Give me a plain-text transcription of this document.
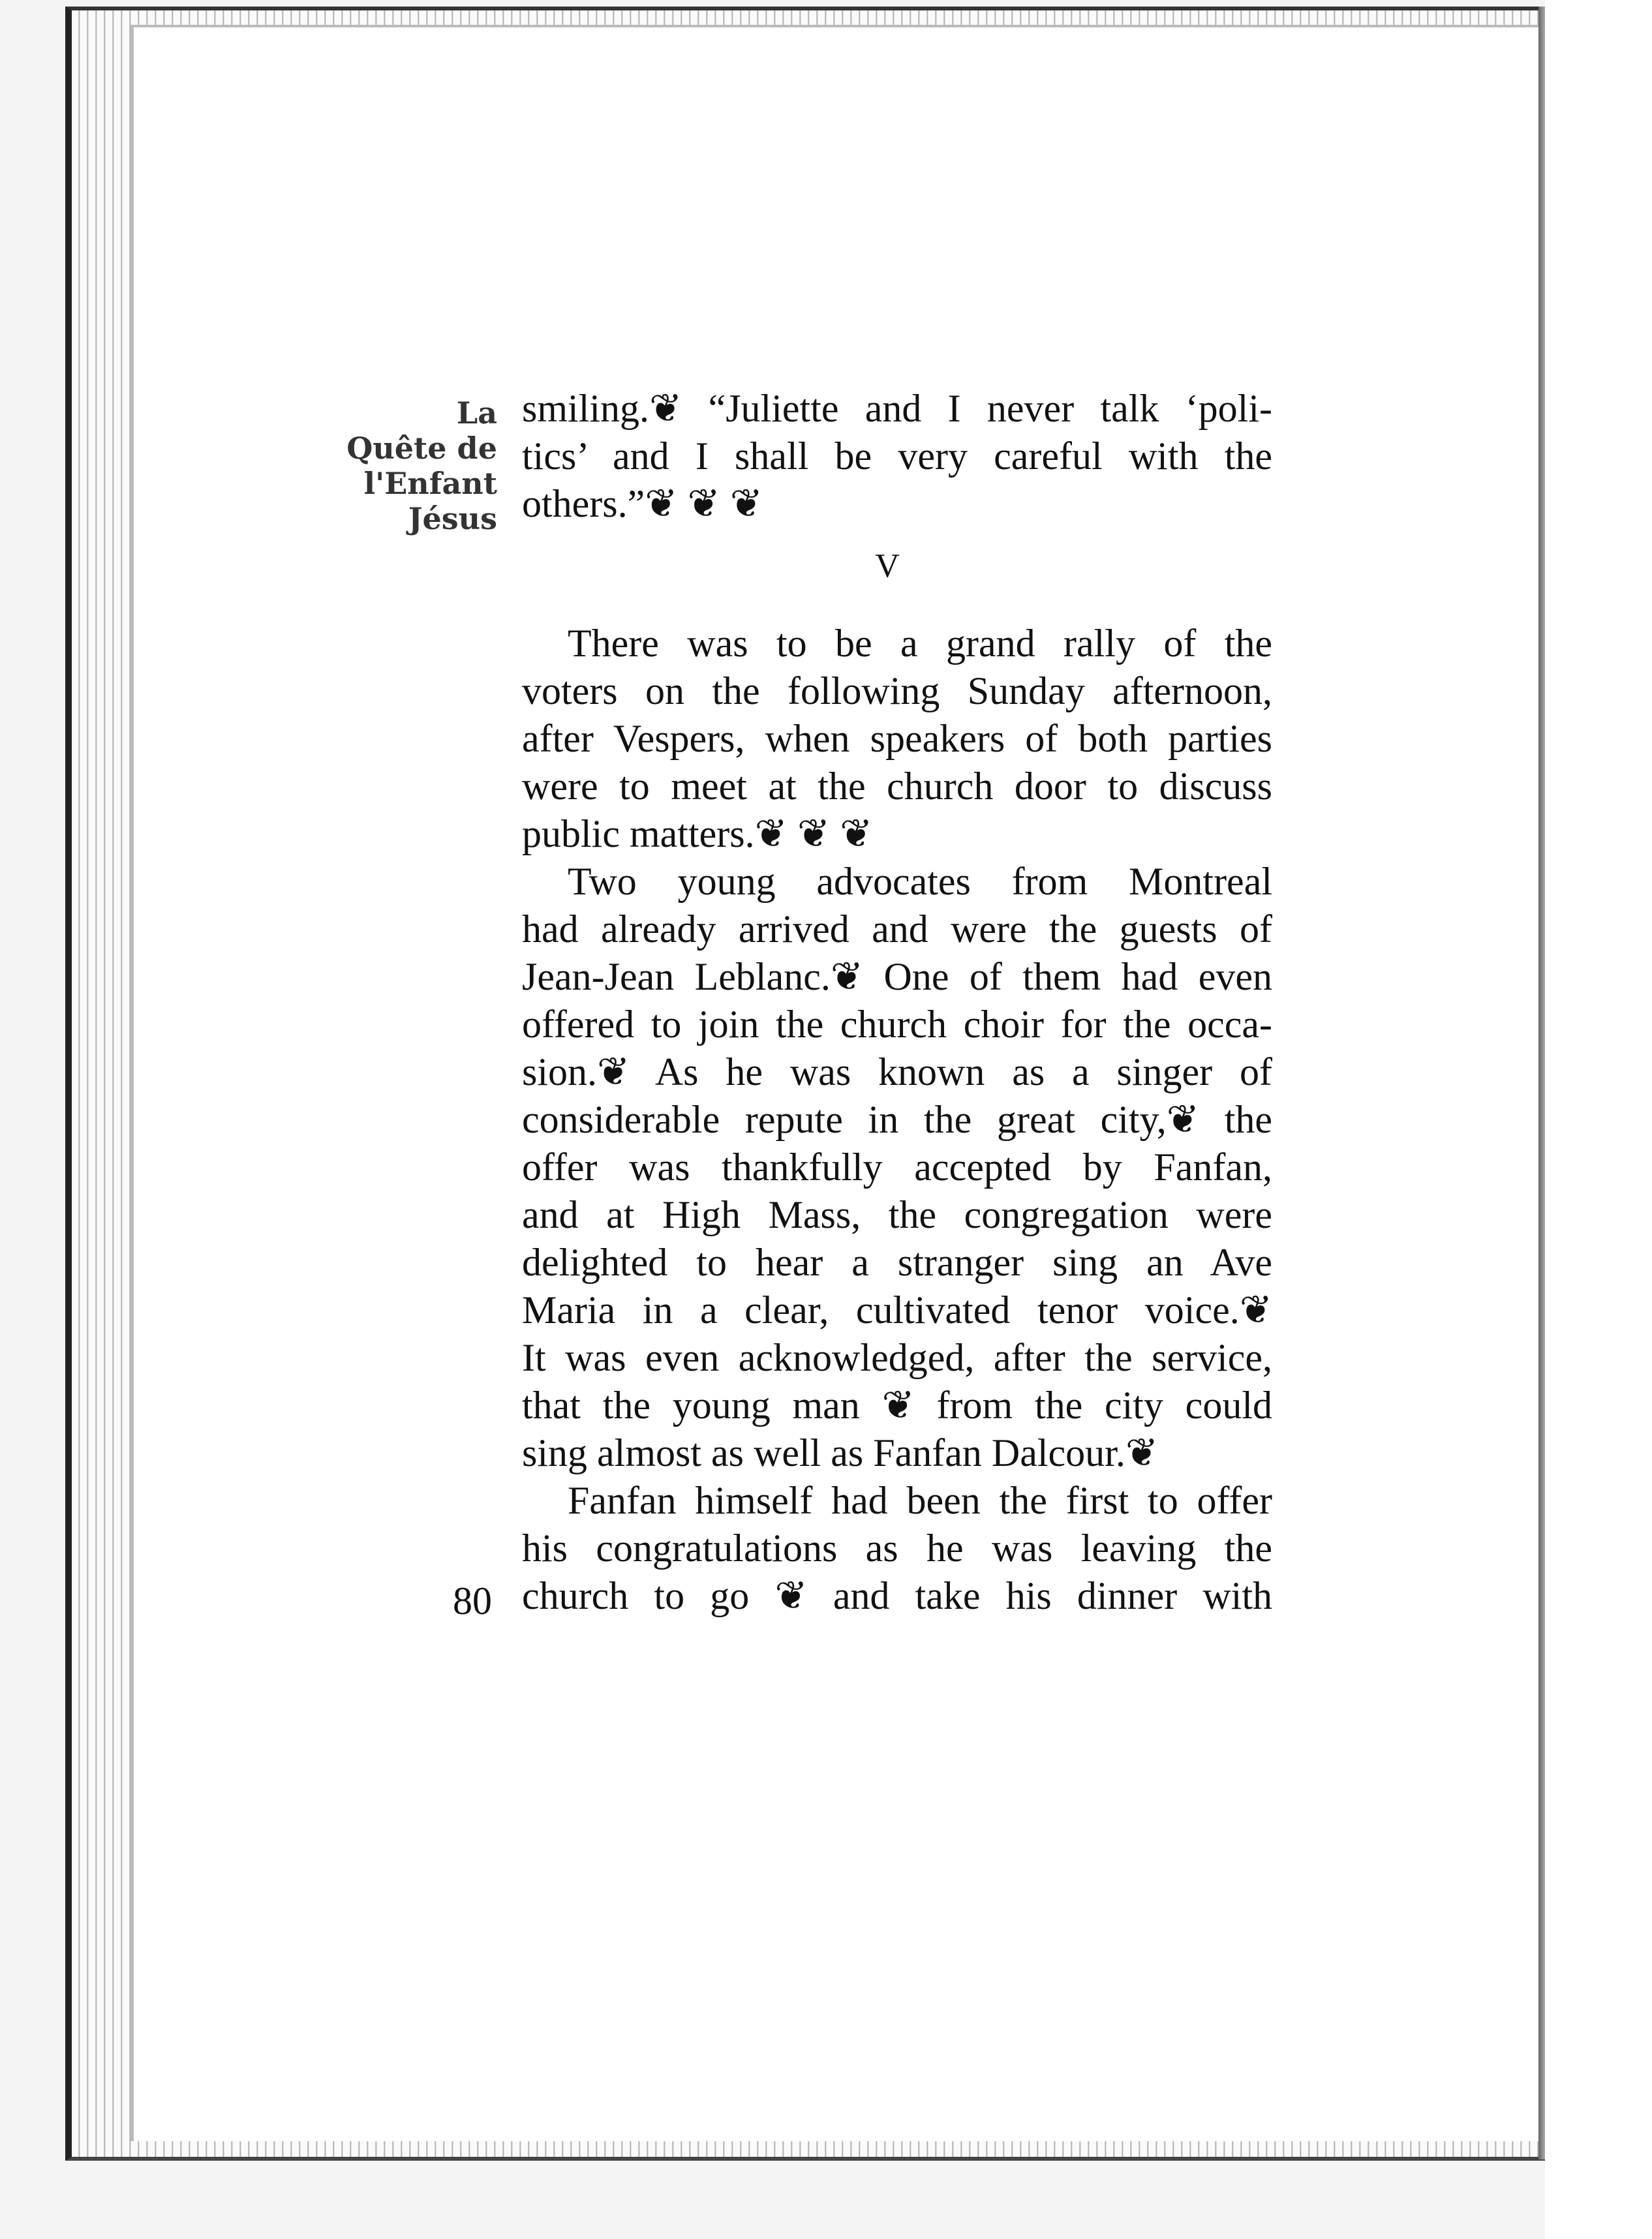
La
Quête de
l'Enfant
Jésus
smiling.❦ “Juliette and I never talk ‘poli-
tics’ and I shall be very careful with the
others.”❦ ❦ ❦
V
There was to be a grand rally of the
voters on the following Sunday afternoon,
after Vespers, when speakers of both parties
were to meet at the church door to discuss
public matters.❦ ❦ ❦
Two young advocates from Montreal
had already arrived and were the guests of
Jean-Jean Leblanc.❦ One of them had even
offered to join the church choir for the occa-
sion.❦ As he was known as a singer of
considerable repute in the great city,❦ the
offer was thankfully accepted by Fanfan,
and at High Mass, the congregation were
delighted to hear a stranger sing an Ave
Maria in a clear, cultivated tenor voice.❦
It was even acknowledged, after the service,
that the young man ❦ from the city could
sing almost as well as Fanfan Dalcour.❦
Fanfan himself had been the first to offer
his congratulations as he was leaving the
church to go ❦ and take his dinner with
80
